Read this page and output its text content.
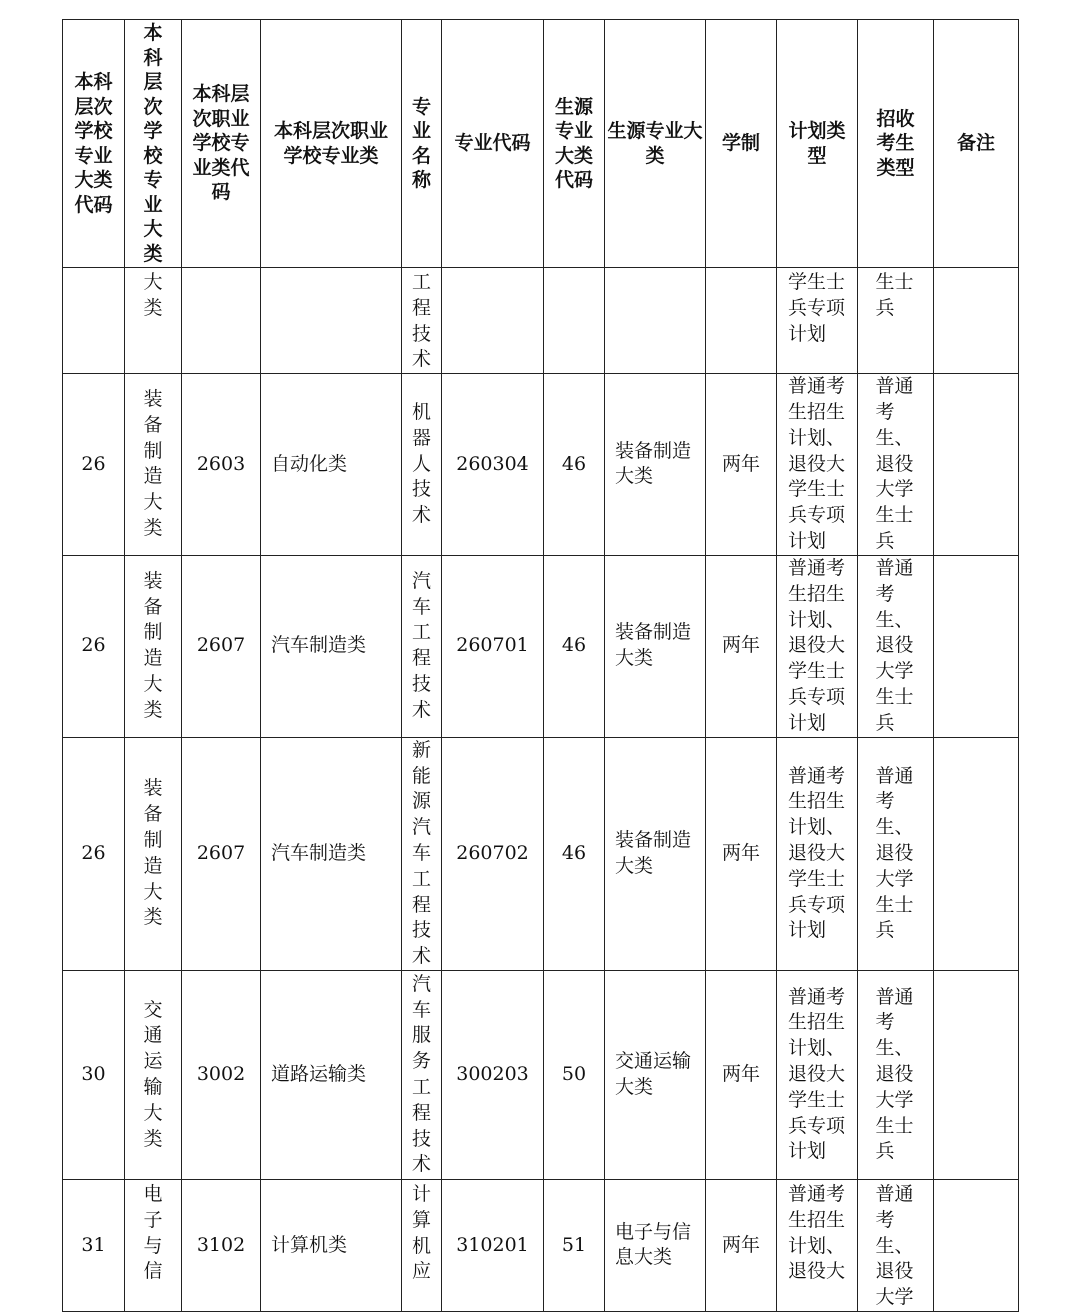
本科层次学校专业大类代码	本科层次学校专业大类	本科层次职业学校专业类代码	本科层次职业学校专业类	专业名称	专业代码	生源专业大类代码	生源专业大类	学制	计划类型	招收考生类型	备注

	大类			工程技术					学生士兵专项计划	生士兵	

26	装备制造大类	2603	自动化类	机器人技术	260304	46	装备制造大类	两年	普通考生招生计划、退役大学生士兵专项计划	普通考生、退役大学生士兵	

26	装备制造大类	2607	汽车制造类	汽车工程技术	260701	46	装备制造大类	两年	普通考生招生计划、退役大学生士兵专项计划	普通考生、退役大学生士兵	

26	装备制造大类	2607	汽车制造类	新能源汽车工程技术	260702	46	装备制造大类	两年	普通考生招生计划、退役大学生士兵专项计划	普通考生、退役大学生士兵	

30	交通运输大类	3002	道路运输类	汽车服务工程技术	300203	50	交通运输大类	两年	普通考生招生计划、退役大学生士兵专项计划	普通考生、退役大学生士兵	

31	电子与信	3102	计算机类	计算机应	310201	51	电子与信息大类	两年	普通考生招生计划、退役大	普通考生、退役大学	
